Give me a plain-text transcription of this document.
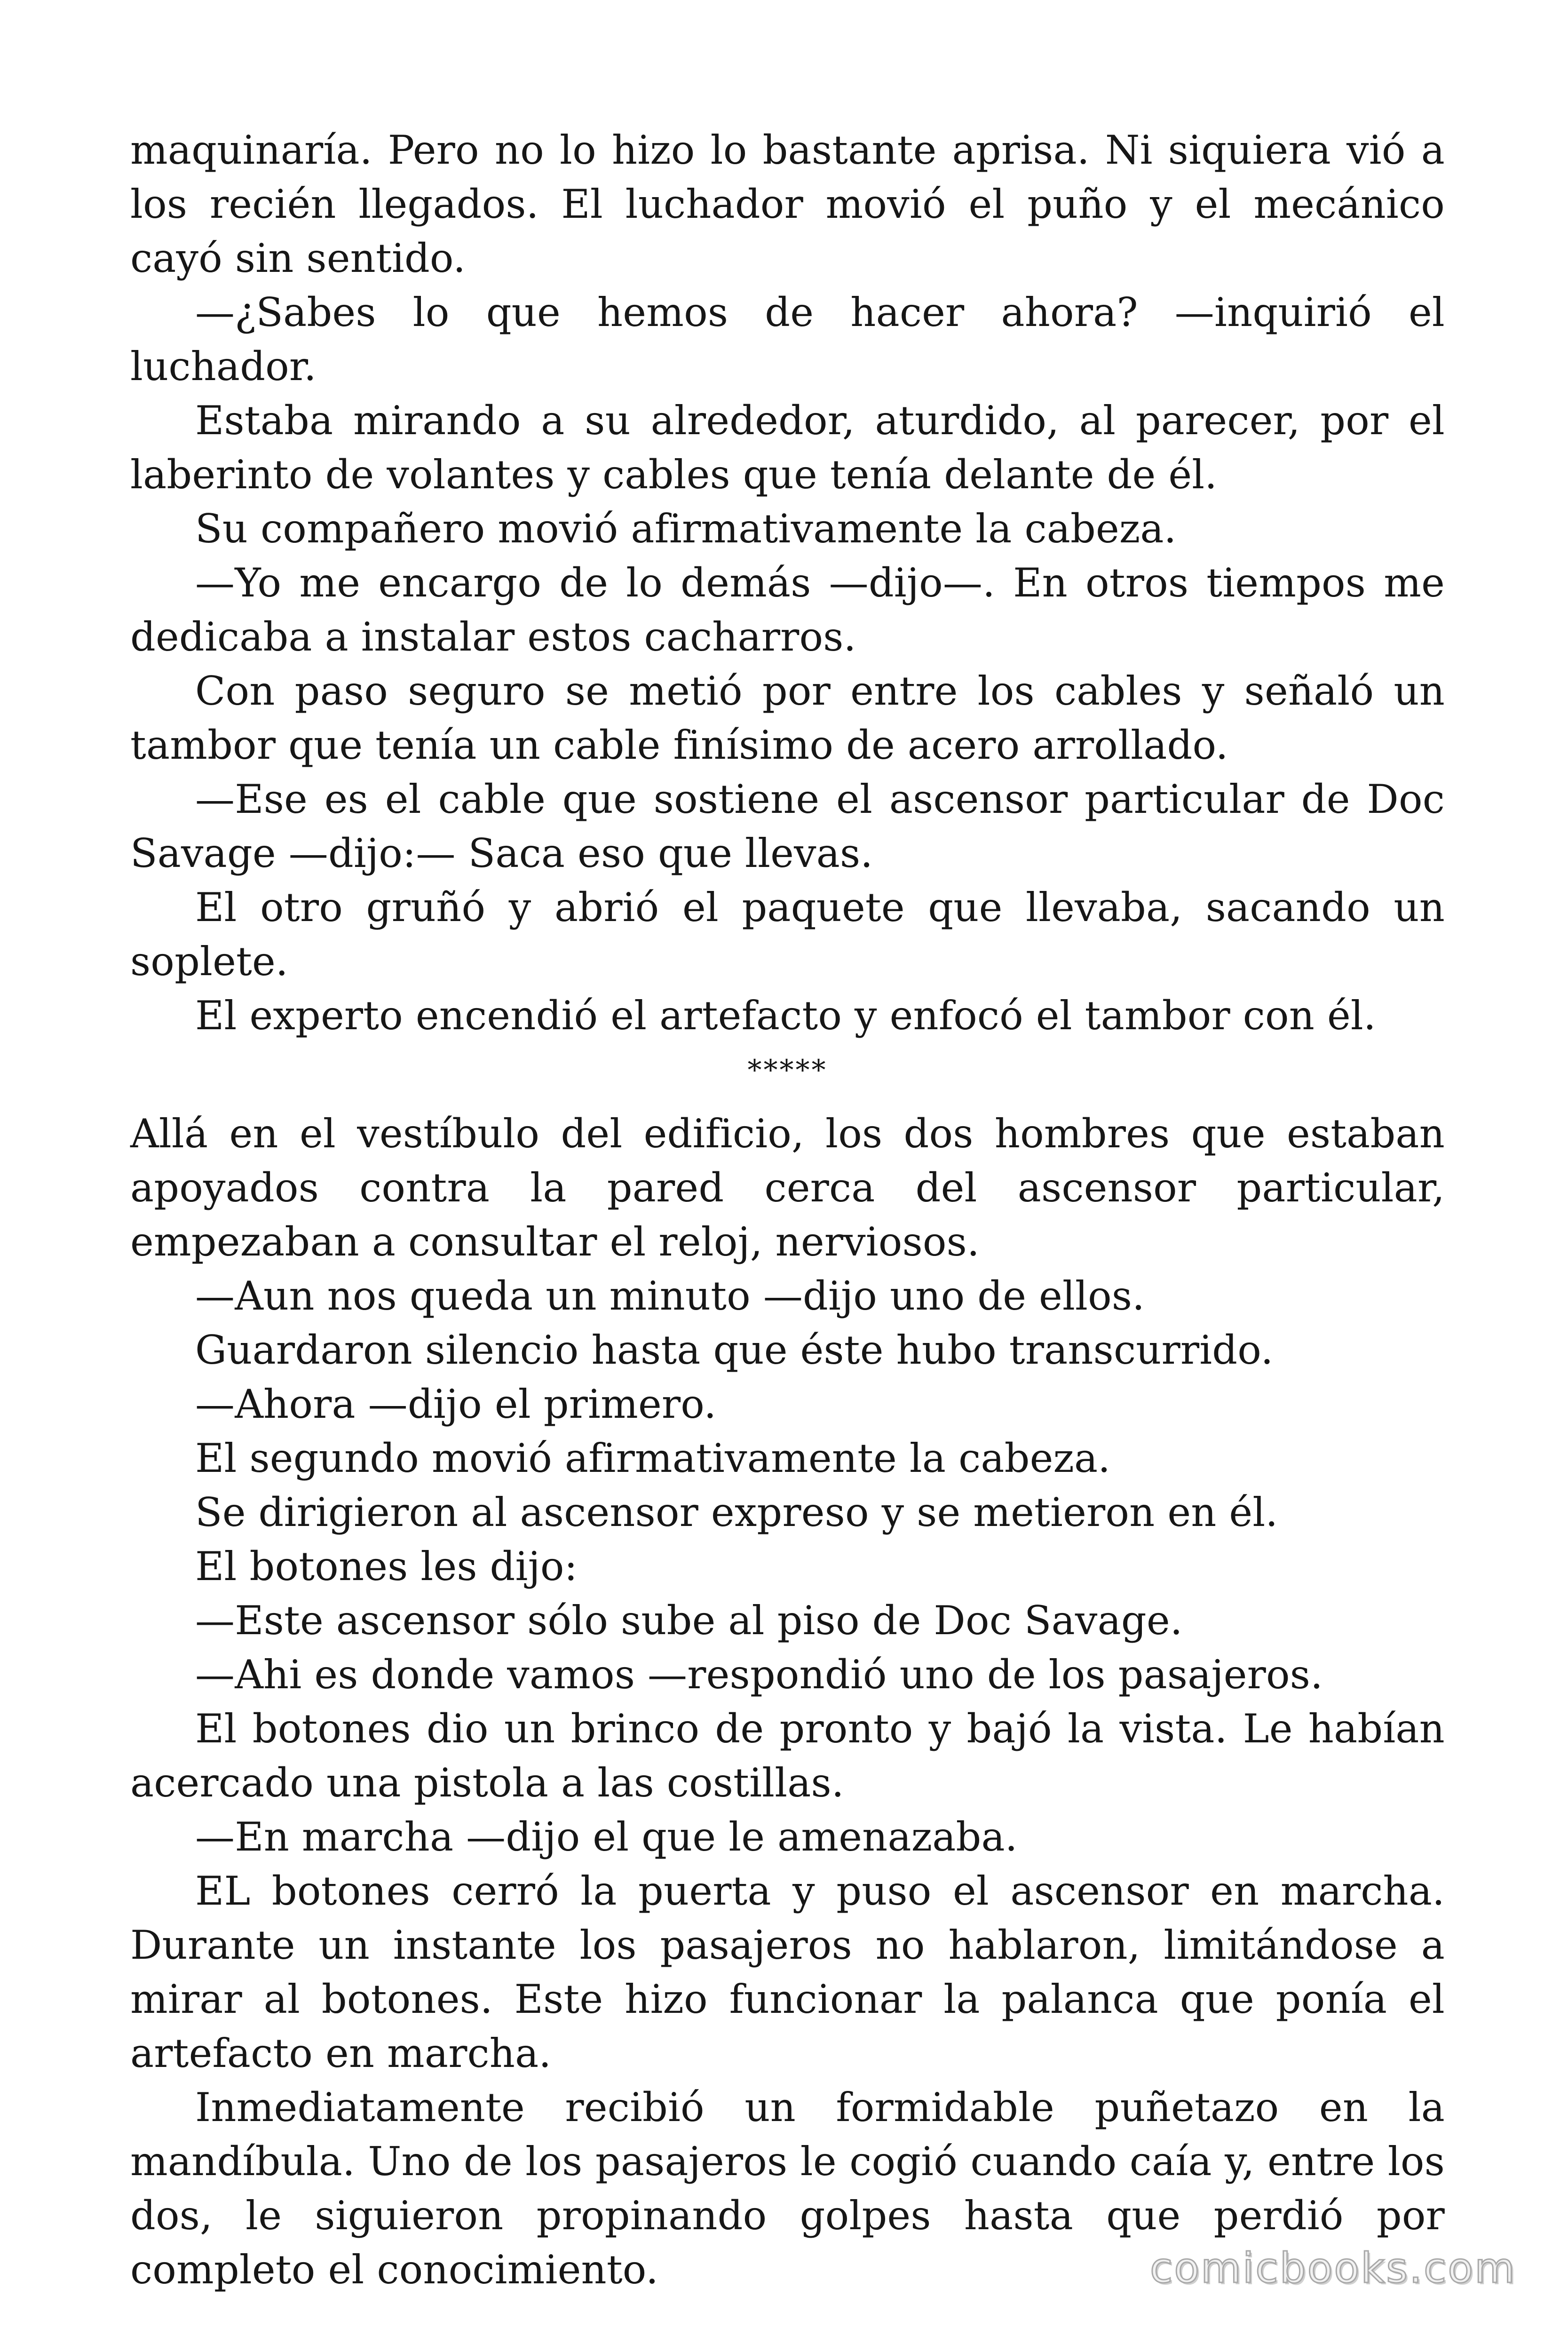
maquinaría. Pero no lo hizo lo bastante aprisa. Ni siquiera vió a los recién llegados. El luchador movió el puño y el mecánico cayó sin sentido.

—¿Sabes lo que hemos de hacer ahora? —inquirió el luchador.

Estaba mirando a su alrededor, aturdido, al parecer, por el laberinto de volantes y cables que tenía delante de él.

Su compañero movió afirmativamente la cabeza.

—Yo me encargo de lo demás —dijo—. En otros tiempos me dedicaba a instalar estos cacharros.

Con paso seguro se metió por entre los cables y señaló un tambor que tenía un cable finísimo de acero arrollado.

—Ese es el cable que sostiene el ascensor particular de Doc Savage —dijo:— Saca eso que llevas.

El otro gruñó y abrió el paquete que llevaba, sacando un soplete.

El experto encendió el artefacto y enfocó el tambor con él.

*****

Allá en el vestíbulo del edificio, los dos hombres que estaban apoyados contra la pared cerca del ascensor particular, empezaban a consultar el reloj, nerviosos.

—Aun nos queda un minuto —dijo uno de ellos.

Guardaron silencio hasta que éste hubo transcurrido.

—Ahora —dijo el primero.

El segundo movió afirmativamente la cabeza.

Se dirigieron al ascensor expreso y se metieron en él.

El botones les dijo:

—Este ascensor sólo sube al piso de Doc Savage.

—Ahi es donde vamos —respondió uno de los pasajeros.

El botones dio un brinco de pronto y bajó la vista. Le habían acercado una pistola a las costillas.

—En marcha —dijo el que le amenazaba.

EL botones cerró la puerta y puso el ascensor en marcha. Durante un instante los pasajeros no hablaron, limitándose a mirar al botones. Este hizo funcionar la palanca que ponía el artefacto en marcha.

Inmediatamente recibió un formidable puñetazo en la mandíbula. Uno de los pasajeros le cogió cuando caía y, entre los dos, le siguieron propinando golpes hasta que perdió por completo el conocimiento.	comicbooks.com
